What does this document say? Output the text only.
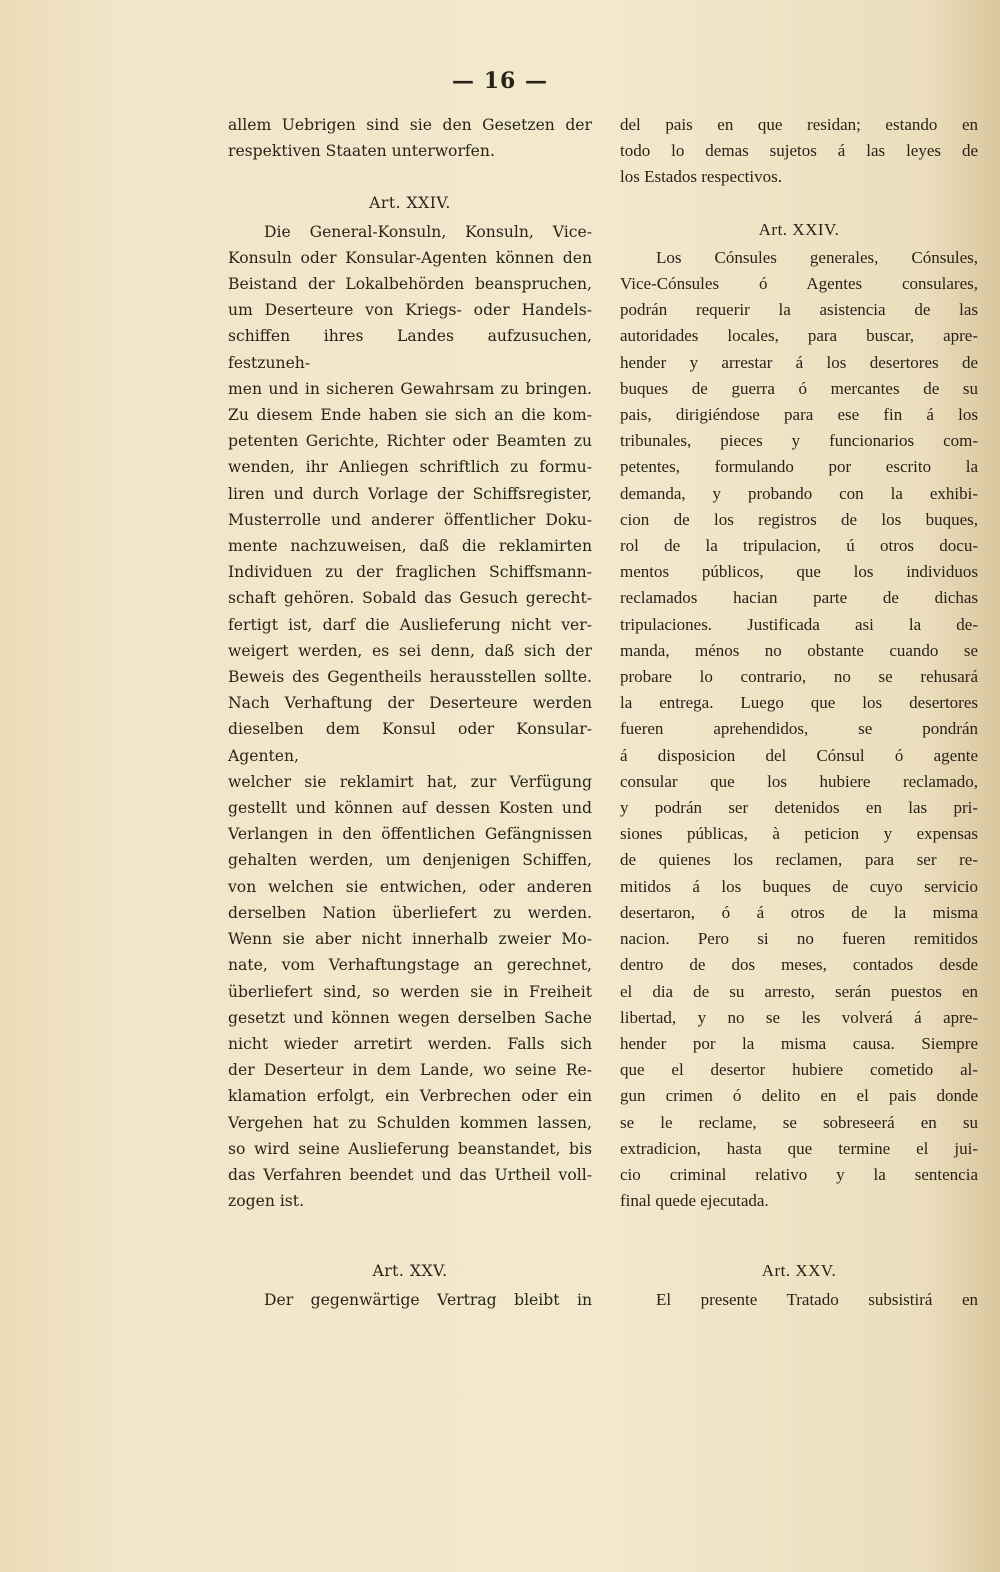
— 16 —
allem Uebrigen sind sie den Gesetzen der
respektiven Staaten unterworfen.
Art. XXIV.
Die General-Konsuln, Konsuln, Vice-
Konsuln oder Konsular-Agenten können den
Beistand der Lokalbehörden beanspruchen,
um Deserteure von Kriegs- oder Handels-
schiffen ihres Landes aufzusuchen, festzuneh-
men und in sicheren Gewahrsam zu bringen.
Zu diesem Ende haben sie sich an die kom-
petenten Gerichte, Richter oder Beamten zu
wenden, ihr Anliegen schriftlich zu formu-
liren und durch Vorlage der Schiffsregister,
Musterrolle und anderer öffentlicher Doku-
mente nachzuweisen, daß die reklamirten
Individuen zu der fraglichen Schiffsmann-
schaft gehören. Sobald das Gesuch gerecht-
fertigt ist, darf die Auslieferung nicht ver-
weigert werden, es sei denn, daß sich der
Beweis des Gegentheils herausstellen sollte.
Nach Verhaftung der Deserteure werden
dieselben dem Konsul oder Konsular-Agenten,
welcher sie reklamirt hat, zur Verfügung
gestellt und können auf dessen Kosten und
Verlangen in den öffentlichen Gefängnissen
gehalten werden, um denjenigen Schiffen,
von welchen sie entwichen, oder anderen
derselben Nation überliefert zu werden.
Wenn sie aber nicht innerhalb zweier Mo-
nate, vom Verhaftungstage an gerechnet,
überliefert sind, so werden sie in Freiheit
gesetzt und können wegen derselben Sache
nicht wieder arretirt werden. Falls sich
der Deserteur in dem Lande, wo seine Re-
klamation erfolgt, ein Verbrechen oder ein
Vergehen hat zu Schulden kommen lassen,
so wird seine Auslieferung beanstandet, bis
das Verfahren beendet und das Urtheil voll-
zogen ist.
Art. XXV.
Der gegenwärtige Vertrag bleibt in
del pais en que residan; estando en
todo lo demas sujetos á las leyes de
los Estados respectivos.
Art. XXIV.
Los Cónsules generales, Cónsules,
Vice-Cónsules ó Agentes consulares,
podrán requerir la asistencia de las
autoridades locales, para buscar, apre-
hender y arrestar á los desertores de
buques de guerra ó mercantes de su
pais, dirigiéndose para ese fin á los
tribunales, pieces y funcionarios com-
petentes, formulando por escrito la
demanda, y probando con la exhibi-
cion de los registros de los buques,
rol de la tripulacion, ú otros docu-
mentos públicos, que los individuos
reclamados hacian parte de dichas
tripulaciones. Justificada asi la de-
manda, ménos no obstante cuando se
probare lo contrario, no se rehusará
la entrega. Luego que los desertores
fueren aprehendidos, se pondrán
á disposicion del Cónsul ó agente
consular que los hubiere reclamado,
y podrán ser detenidos en las pri-
siones públicas, à peticion y expensas
de quienes los reclamen, para ser re-
mitidos á los buques de cuyo servicio
desertaron, ó á otros de la misma
nacion. Pero si no fueren remitidos
dentro de dos meses, contados desde
el dia de su arresto, serán puestos en
libertad, y no se les volverá á apre-
hender por la misma causa. Siempre
que el desertor hubiere cometido al-
gun crimen ó delito en el pais donde
se le reclame, se sobreseerá en su
extradicion, hasta que termine el jui-
cio criminal relativo y la sentencia
final quede ejecutada.
Art. XXV.
El presente Tratado subsistirá en
